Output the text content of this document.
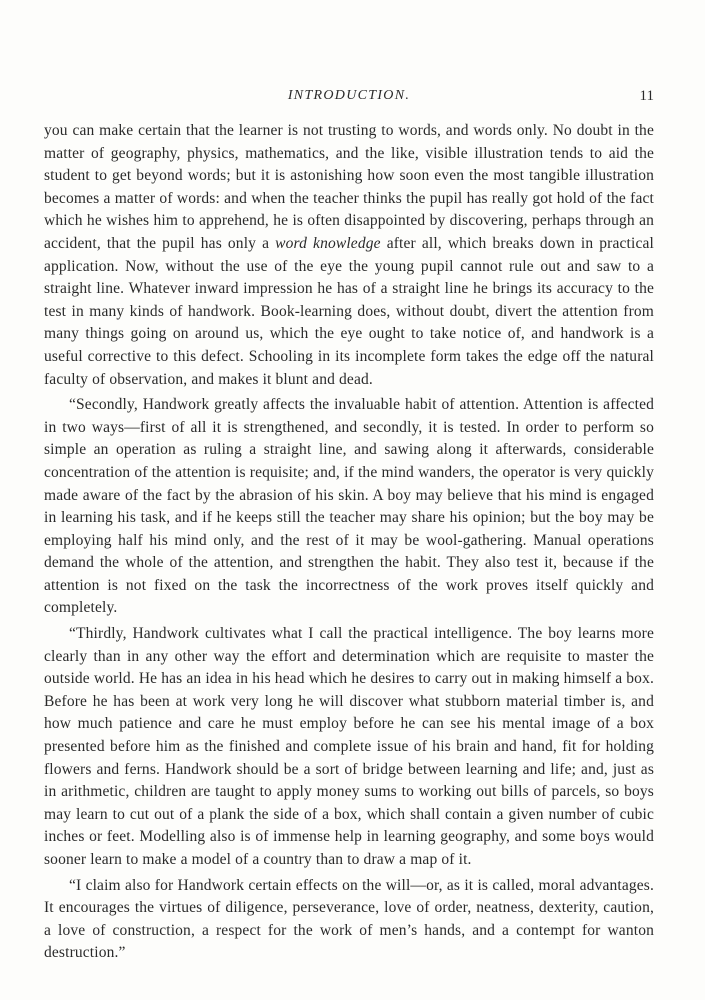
INTRODUCTION.	11

you can make certain that the learner is not trusting to words, and words only. No doubt in the matter of geography, physics, mathematics, and the like, visible illustration tends to aid the student to get beyond words; but it is astonishing how soon even the most tangible illustration becomes a matter of words: and when the teacher thinks the pupil has really got hold of the fact which he wishes him to apprehend, he is often disappointed by discovering, perhaps through an accident, that the pupil has only a word knowledge after all, which breaks down in practical application. Now, without the use of the eye the young pupil cannot rule out and saw to a straight line. Whatever inward impression he has of a straight line he brings its accuracy to the test in many kinds of handwork. Book-learning does, without doubt, divert the attention from many things going on around us, which the eye ought to take notice of, and handwork is a useful corrective to this defect. Schooling in its incomplete form takes the edge off the natural faculty of observation, and makes it blunt and dead.

“Secondly, Handwork greatly affects the invaluable habit of attention. Attention is affected in two ways—first of all it is strengthened, and secondly, it is tested. In order to perform so simple an operation as ruling a straight line, and sawing along it afterwards, considerable concentration of the attention is requisite; and, if the mind wanders, the operator is very quickly made aware of the fact by the abrasion of his skin. A boy may believe that his mind is engaged in learning his task, and if he keeps still the teacher may share his opinion; but the boy may be employing half his mind only, and the rest of it may be wool-gathering. Manual operations demand the whole of the attention, and strengthen the habit. They also test it, because if the attention is not fixed on the task the incorrectness of the work proves itself quickly and completely.

“Thirdly, Handwork cultivates what I call the practical intelligence. The boy learns more clearly than in any other way the effort and determination which are requisite to master the outside world. He has an idea in his head which he desires to carry out in making himself a box. Before he has been at work very long he will discover what stubborn material timber is, and how much patience and care he must employ before he can see his mental image of a box presented before him as the finished and complete issue of his brain and hand, fit for holding flowers and ferns. Handwork should be a sort of bridge between learning and life; and, just as in arithmetic, children are taught to apply money sums to working out bills of parcels, so boys may learn to cut out of a plank the side of a box, which shall contain a given number of cubic inches or feet. Modelling also is of immense help in learning geography, and some boys would sooner learn to make a model of a country than to draw a map of it.

“I claim also for Handwork certain effects on the will—or, as it is called, moral advantages. It encourages the virtues of diligence, perseverance, love of order, neatness, dexterity, caution, a love of construction, a respect for the work of men’s hands, and a contempt for wanton destruction.”
